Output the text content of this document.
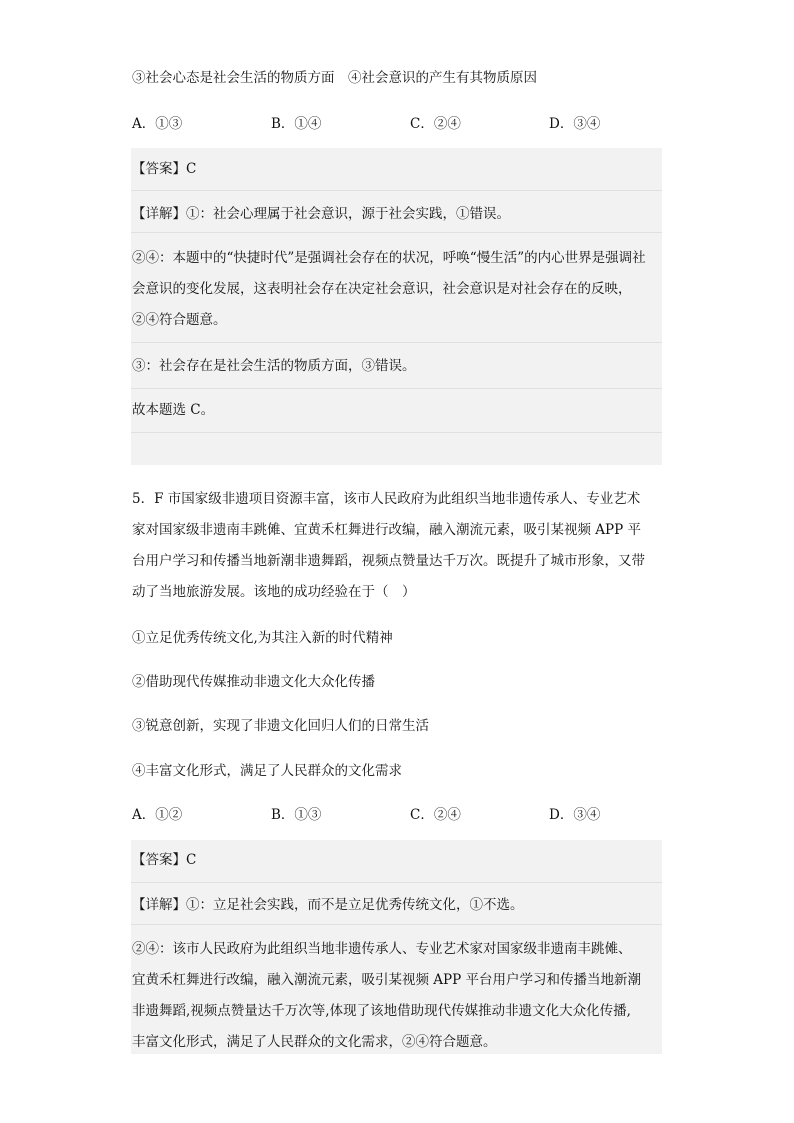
③社会心态是社会生活的物质方面　④社会意识的产生有其物质原因
A．①③	B．①④	C．②④	D．③④
【答案】C
【详解】①：社会心理属于社会意识，源于社会实践，①错误。
②④：本题中的“快捷时代”是强调社会存在的状况，呼唤“慢生活”的内心世界是强调社
会意识的变化发展，这表明社会存在决定社会意识，社会意识是对社会存在的反映，
②④符合题意。
③：社会存在是社会生活的物质方面，③错误。
故本题选 C。
5．F 市国家级非遗项目资源丰富，该市人民政府为此组织当地非遗传承人、专业艺术
家对国家级非遗南丰跳傩、宜黄禾杠舞进行改编，融入潮流元素，吸引某视频 APP 平
台用户学习和传播当地新潮非遗舞蹈，视频点赞量达千万次。既提升了城市形象，又带
动了当地旅游发展。该地的成功经验在于（　）
①立足优秀传统文化,为其注入新的时代精神
②借助现代传媒推动非遗文化大众化传播
③锐意创新，实现了非遗文化回归人们的日常生活
④丰富文化形式，满足了人民群众的文化需求
A．①②	B．①③	C．②④	D．③④
【答案】C
【详解】①：立足社会实践，而不是立足优秀传统文化，①不选。
②④：该市人民政府为此组织当地非遗传承人、专业艺术家对国家级非遗南丰跳傩、
宜黄禾杠舞进行改编，融入潮流元素，吸引某视频 APP 平台用户学习和传播当地新潮
非遗舞蹈,视频点赞量达千万次等,体现了该地借助现代传媒推动非遗文化大众化传播,
丰富文化形式，满足了人民群众的文化需求，②④符合题意。
